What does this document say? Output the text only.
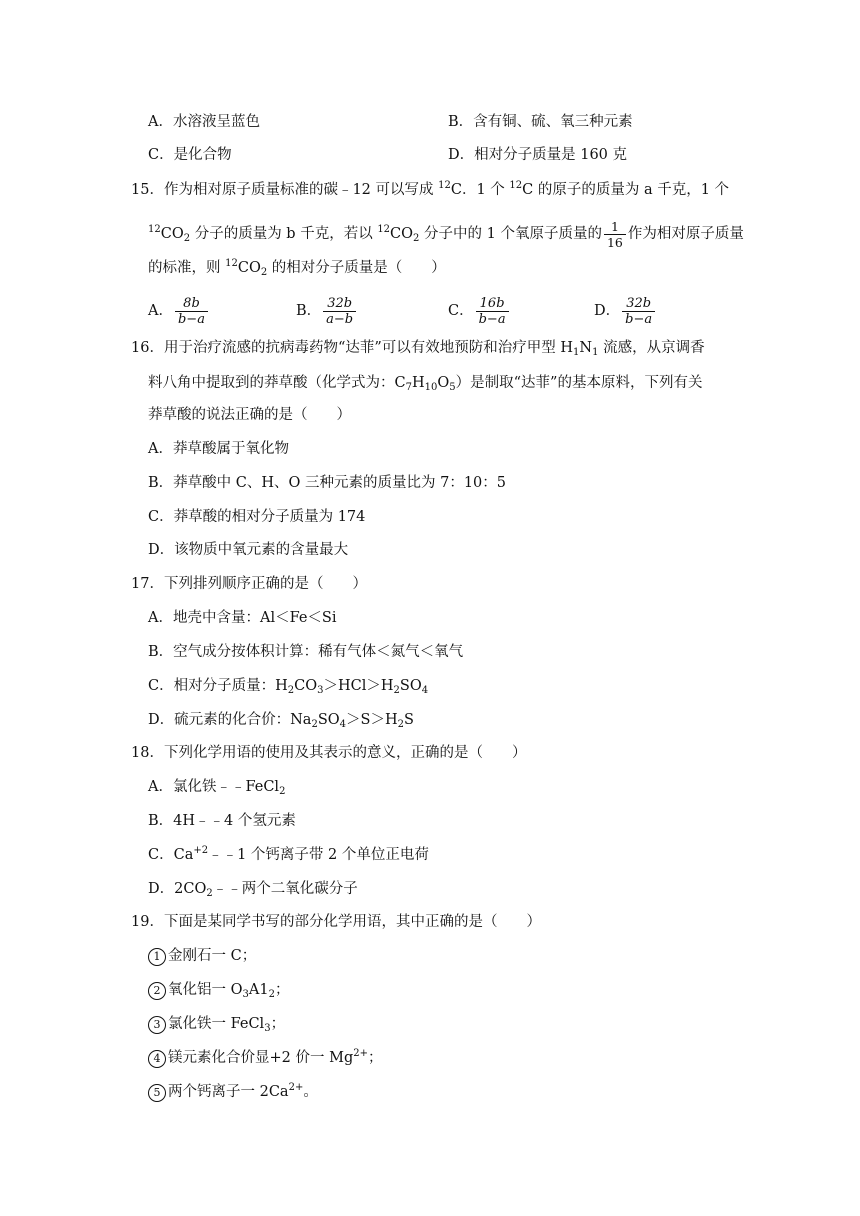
A．水溶液呈蓝色	B．含有铜、硫、氧三种元素
C．是化合物	D．相对分子质量是 160 克
15．作为相对原子质量标准的碳﹣12 可以写成 $^{12}$C．1 个 $^{12}$C 的原子的质量为 a 千克，1 个
$^{12}CO_2$ 分子的质量为 b 千克，若以 $^{12}CO_2$ 分子中的 1 个氧原子质量的 $\frac{1}{16}$ 作为相对原子质量
的标准，则 $^{12}CO_2$ 的相对分子质量是（　　）
A． $\frac{8b}{b-a}$	B． $\frac{32b}{a-b}$	C． $\frac{16b}{b-a}$	D． $\frac{32b}{b-a}$
16．用于治疗流感的抗病毒药物“达菲”可以有效地预防和治疗甲型 $H_1N_1$ 流感，从京调香
料八角中提取到的莽草酸（化学式为：$C_7H_{10}O_5$）是制取“达菲”的基本原料，下列有关
莽草酸的说法正确的是（　　）
A．莽草酸属于氧化物
B．莽草酸中 C、H、O 三种元素的质量比为 7：10：5
C．莽草酸的相对分子质量为 174
D．该物质中氧元素的含量最大
17．下列排列顺序正确的是（　　）
A．地壳中含量：Al＜Fe＜Si
B．空气成分按体积计算：稀有气体＜氮气＜氧气
C．相对分子质量：$H_2CO_3>HCl>H_2SO_4$
D．硫元素的化合价：$Na_2SO_4>S>H_2S$
18．下列化学用语的使用及其表示的意义，正确的是（　　）
A．氯化铁﹣﹣FeCl$_2$
B．4H﹣﹣4 个氢元素
C．$Ca^{+2}﹣﹣1$ 个钙离子带 2 个单位正电荷
D．$2CO_2﹣﹣$两个二氧化碳分子
19．下面是某同学书写的部分化学用语，其中正确的是（　　）
1 金刚石一 C；
2 氧化铝一 $O_3A1_2$；
3 氯化铁一 FeCl$_3$；
4 镁元素化合价显+2 价一 $Mg^{2+}$；
5 两个钙离子一 $2Ca^{2+}$。
